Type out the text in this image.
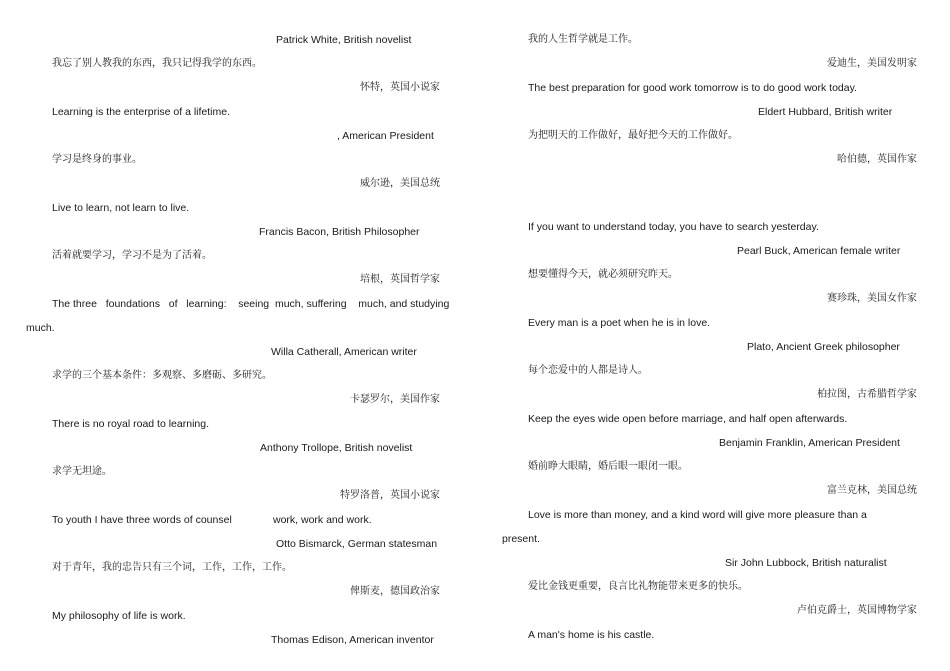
Patrick White, British novelist
我忘了别人教我的东西，我只记得我学的东西。
怀特，英国小说家
Learning is the enterprise of a lifetime.
, American President
学习是终身的事业。
威尔逊，美国总统
Live to learn, not learn to live.
Francis Bacon, British Philosopher
活着就要学习，学习不是为了活着。
培根，英国哲学家
The three   foundations   of   learning:    seeing  much, suffering    much, and studying
much.
Willa Catherall, American writer
求学的三个基本条件：多观察、多磨砺、多研究。
卡瑟罗尔，美国作家
There is no royal road to learning.
Anthony Trollope, British novelist
求学无坦途。
特罗洛普，英国小说家
To youth I have three words of counsel	work, work and work.
Otto Bismarck, German statesman
对于青年，我的忠告只有三个词，工作，工作，工作。
俾斯麦，德国政治家
My philosophy of life is work.
Thomas Edison, American inventor
我的人生哲学就是工作。
爱迪生，美国发明家
The best preparation for good work tomorrow is to do good work today.
Eldert Hubbard, British writer
为把明天的工作做好，最好把今天的工作做好。
哈伯德，英国作家
If you want to understand today, you have to search yesterday.
Pearl Buck, American female writer
想要懂得今天，就必须研究昨天。
赛珍珠，美国女作家
Every man is a poet when he is in love.
Plato, Ancient Greek philosopher
每个恋爱中的人都是诗人。
柏拉图，古希腊哲学家
Keep the eyes wide open before marriage, and half open afterwards.
Benjamin Franklin, American President
婚前睁大眼睛，婚后眼一眼闭一眼。
富兰克林，美国总统
Love is more than money, and a kind word will give more pleasure than a
present.
Sir John Lubbock, British naturalist
爱比金钱更重要，良言比礼物能带来更多的快乐。
卢伯克爵士，英国博物学家
A man's home is his castle.
